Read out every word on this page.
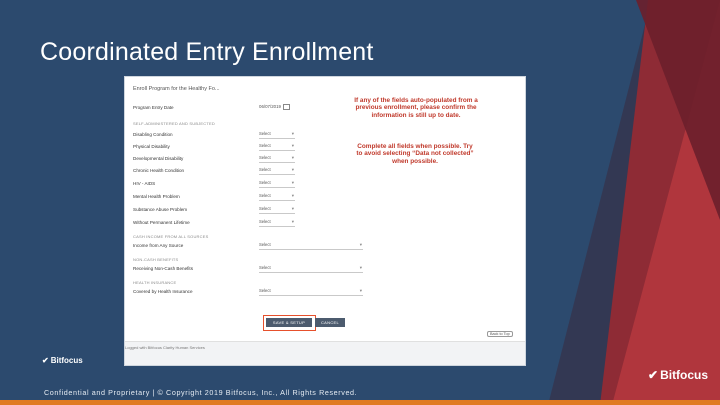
Coordinated Entry Enrollment
Enroll Program for the Healthy Fo...
Program Entry Date	06/07/2019
SELF-ADMINISTERED AND SUBJECTED
Disabling Condition	Select	▾
Physical Disability	Select	▾
Developmental Disability	Select	▾
Chronic Health Condition	Select	▾
HIV - AIDS	Select	▾
Mental Health Problem	Select	▾
Substance Abuse Problem	Select	▾
Without Permanent Lifetime	Select	▾
CASH INCOME FROM ALL SOURCES
Income from Any Source	Select	▾
NON-CASH BENEFITS
Receiving Non-Cash Benefits	Select	▾
HEALTH INSURANCE
Covered by Health Insurance	Select	▾
If any of the fields auto-populated from a previous enrollment, please confirm the information is still up to date.
Complete all fields when possible. Try to avoid selecting “Data not collected” when possible.
SAVE & SETUP	CANCEL
Back to Top
Logged with Bitfocus Clarity Human Services
✔ Bitfocus
✔ Bitfocus
Confidential and Proprietary | © Copyright 2019 Bitfocus, Inc., All Rights Reserved.
